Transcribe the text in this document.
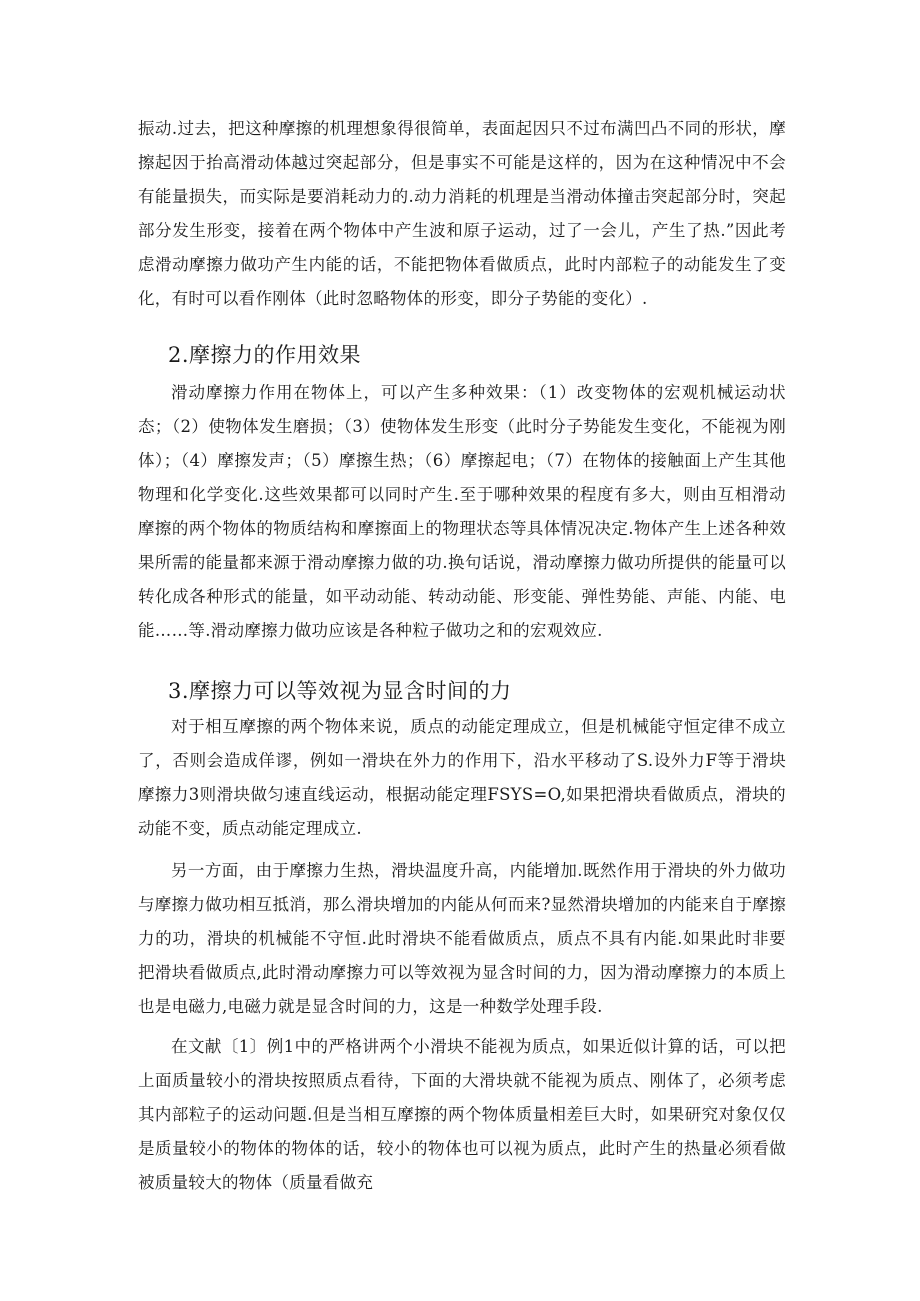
振动.过去，把这种摩擦的机理想象得很简单，表面起因只不过布满凹凸不同的形状，摩擦起因于抬高滑动体越过突起部分，但是事实不可能是这样的，因为在这种情况中不会有能量损失，而实际是要消耗动力的.动力消耗的机理是当滑动体撞击突起部分时，突起部分发生形变，接着在两个物体中产生波和原子运动，过了一会儿，产生了热.”因此考虑滑动摩擦力做功产生内能的话，不能把物体看做质点，此时内部粒子的动能发生了变化，有时可以看作刚体（此时忽略物体的形变，即分子势能的变化）.

2.摩擦力的作用效果

滑动摩擦力作用在物体上，可以产生多种效果：（1）改变物体的宏观机械运动状态；（2）使物体发生磨损；（3）使物体发生形变（此时分子势能发生变化，不能视为刚体）；（4）摩擦发声；（5）摩擦生热；（6）摩擦起电；（7）在物体的接触面上产生其他物理和化学变化.这些效果都可以同时产生.至于哪种效果的程度有多大，则由互相滑动摩擦的两个物体的物质结构和摩擦面上的物理状态等具体情况决定.物体产生上述各种效果所需的能量都来源于滑动摩擦力做的功.换句话说，滑动摩擦力做功所提供的能量可以转化成各种形式的能量，如平动动能、转动动能、形变能、弹性势能、声能、内能、电能……等.滑动摩擦力做功应该是各种粒子做功之和的宏观效应.

3.摩擦力可以等效视为显含时间的力

对于相互摩擦的两个物体来说，质点的动能定理成立，但是机械能守恒定律不成立了，否则会造成佯谬，例如一滑块在外力的作用下，沿水平移动了S.设外力F等于滑块摩擦力3则滑块做匀速直线运动，根据动能定理FSYS=O,如果把滑块看做质点，滑块的动能不变，质点动能定理成立.

另一方面，由于摩擦力生热，滑块温度升高，内能增加.既然作用于滑块的外力做功与摩擦力做功相互抵消，那么滑块增加的内能从何而来?显然滑块增加的内能来自于摩擦力的功，滑块的机械能不守恒.此时滑块不能看做质点，质点不具有内能.如果此时非要把滑块看做质点,此时滑动摩擦力可以等效视为显含时间的力，因为滑动摩擦力的本质上也是电磁力,电磁力就是显含时间的力，这是一种数学处理手段.

在文献〔1〕例1中的严格讲两个小滑块不能视为质点，如果近似计算的话，可以把上面质量较小的滑块按照质点看待，下面的大滑块就不能视为质点、刚体了，必须考虑其内部粒子的运动问题.但是当相互摩擦的两个物体质量相差巨大时，如果研究对象仅仅是质量较小的物体的物体的话，较小的物体也可以视为质点，此时产生的热量必须看做被质量较大的物体（质量看做充
